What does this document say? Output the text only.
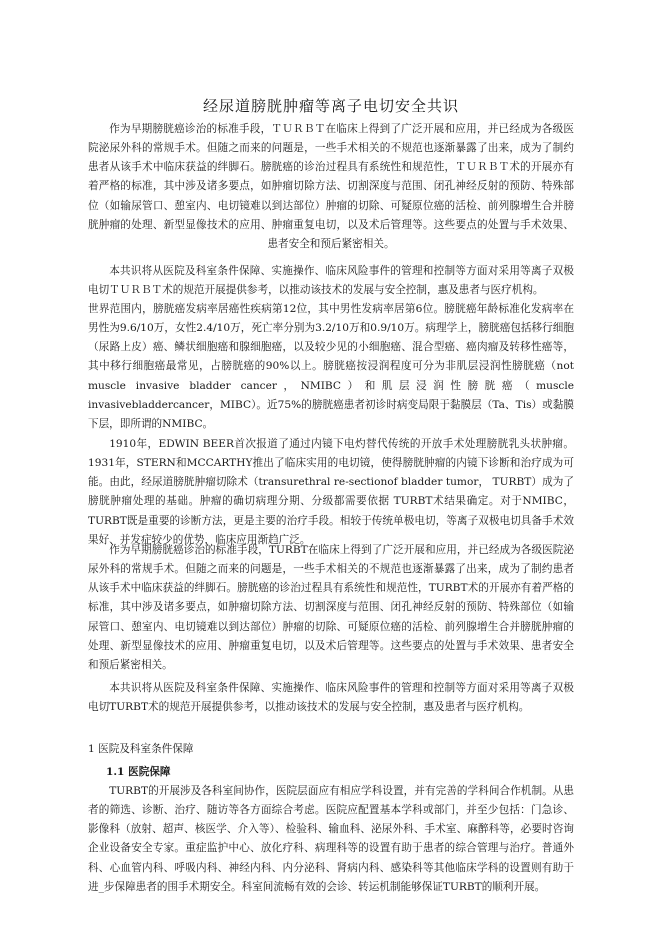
经尿道膀胱肿瘤等离子电切安全共识

作为早期膀胱癌诊治的标准手段，ＴＵＲＢＴ在临床上得到了广泛开展和应用，并已经成为各级医院泌尿外科的常规手术。但随之而来的问题是，一些手术相关的不规范也逐渐暴露了出来，成为了制约患者从该手术中临床获益的绊脚石。膀胱癌的诊治过程具有系统性和规范性，ＴＵＲＢＴ术的开展亦有着严格的标准，其中涉及诸多要点，如肿瘤切除方法、切割深度与范围、闭孔神经反射的预防、特殊部位（如输尿管口、憩室内、电切镜难以到达部位）肿瘤的切除、可疑原位癌的活检、前列腺增生合并膀胱肿瘤的处理、新型显像技术的应用、肿瘤重复电切，以及术后管理等。这些要点的处置与手术效果、患者安全和预后紧密相关。

本共识将从医院及科室条件保障、实施操作、临床风险事件的管理和控制等方面对采用等离子双极电切ＴＵＲＢＴ术的规范开展提供参考，以推动该技术的发展与安全控制，惠及患者与医疗机构。

世界范围内，膀胱癌发病率居癌性疾病第12位，其中男性发病率居第6位。膀胱癌年龄标准化发病率在男性为9.6/10万，女性2.4/10万，死亡率分别为3.2/10万和0.9/10万。病理学上，膀胱癌包括移行细胞（尿路上皮）癌、鳞状细胞癌和腺细胞癌，以及较少见的小细胞癌、混合型癌、癌肉瘤及转移性癌等，其中移行细胞癌最常见，占膀胱癌的90%以上。膀胱癌按浸润程度可分为非肌层浸润性膀胱癌（not muscle invasive bladder cancer，NMIBC）和肌层浸润性膀胱癌（muscle invasivebladdercancer，MIBC）。近75%的膀胱癌患者初诊时病变局限于黏膜层（Ta、Tis）或黏膜下层，即所谓的NMIBC。

1910年，EDWIN BEER首次报道了通过内镜下电灼替代传统的开放手术处理膀胱乳头状肿瘤。 1931年，STERN和MCCARTHY推出了临床实用的电切镜，使得膀胱肿瘤的内镜下诊断和治疗成为可能。由此，经尿道膀胱肿瘤切除术（transurethral re-sectionof bladder tumor， TURBT）成为了膀胱肿瘤处理的基础。肿瘤的确切病理分期、分级都需要依据 TURBT术结果确定。对于NMIBC，TURBT既是重要的诊断方法，更是主要的治疗手段。相较于传统单极电切，等离子双极电切具备手术效果好、并发症较少的优势，临床应用渐趋广泛。

作为早期膀胱癌诊治的标准手段，TURBT在临床上得到了广泛开展和应用，并已经成为各级医院泌尿外科的常规手术。但随之而来的问题是，一些手术相关的不规范也逐渐暴露了出来，成为了制约患者从该手术中临床获益的绊脚石。膀胱癌的诊治过程具有系统性和规范性，TURBT术的开展亦有着严格的标准，其中涉及诸多要点，如肿瘤切除方法、切割深度与范围、闭孔神经反射的预防、特殊部位（如输尿管口、憩室内、电切镜难以到达部位）肿瘤的切除、可疑原位癌的活检、前列腺增生合并膀胱肿瘤的处理、新型显像技术的应用、肿瘤重复电切，以及术后管理等。这些要点的处置与手术效果、患者安全和预后紧密相关。

本共识将从医院及科室条件保障、实施操作、临床风险事件的管理和控制等方面对采用等离子双极电切TURBT术的规范开展提供参考，以推动该技术的发展与安全控制，惠及患者与医疗机构。

1 医院及科室条件保障
1.1 医院保障

TURBT的开展涉及各科室间协作，医院层面应有相应学科设置，并有完善的学科间合作机制。从患者的筛选、诊断、治疗、随访等各方面综合考虑。医院应配置基本学科或部门，并至少包括：门急诊、影像科（放射、超声、核医学、介入等）、检验科、输血科、泌尿外科、手术室、麻醉科等，必要时咨询企业设备安全专家。重症监护中心、放化疗科、病理科等的设置有助于患者的综合管理与治疗。普通外科、心血管内科、呼吸内科、神经内科、内分泌科、肾病内科、感染科等其他临床学科的设置则有助于进_步保障患者的围手术期安全。科室间流畅有效的会诊、转运机制能够保证TURBT的顺利开展。
